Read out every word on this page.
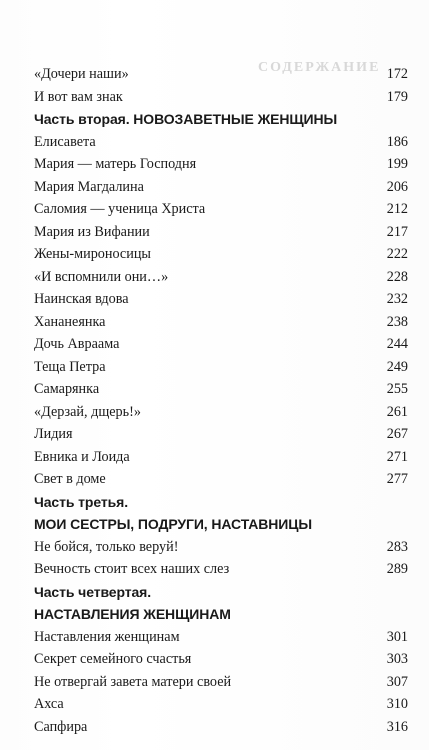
СОДЕРЖАНИЕ
«Дочери наши»	172
И вот вам знак	179
Часть вторая. НОВОЗАВЕТНЫЕ ЖЕНЩИНЫ
Елисавета	186
Мария — матерь Господня	199
Мария Магдалина	206
Саломия — ученица Христа	212
Мария из Вифании	217
Жены-мироносицы	222
«И вспомнили они…»	228
Наинская вдова	232
Хананеянка	238
Дочь Авраама	244
Теща Петра	249
Самарянка	255
«Дерзай, дщерь!»	261
Лидия	267
Евника и Лоида	271
Свет в доме	277
Часть третья.
МОИ СЕСТРЫ, ПОДРУГИ, НАСТАВНИЦЫ
Не бойся, только веруй!	283
Вечность стоит всех наших слез	289
Часть четвертая.
НАСТАВЛЕНИЯ ЖЕНЩИНАМ
Наставления женщинам	301
Секрет семейного счастья	303
Не отвергай завета матери своей	307
Ахса	310
Сапфира	316
